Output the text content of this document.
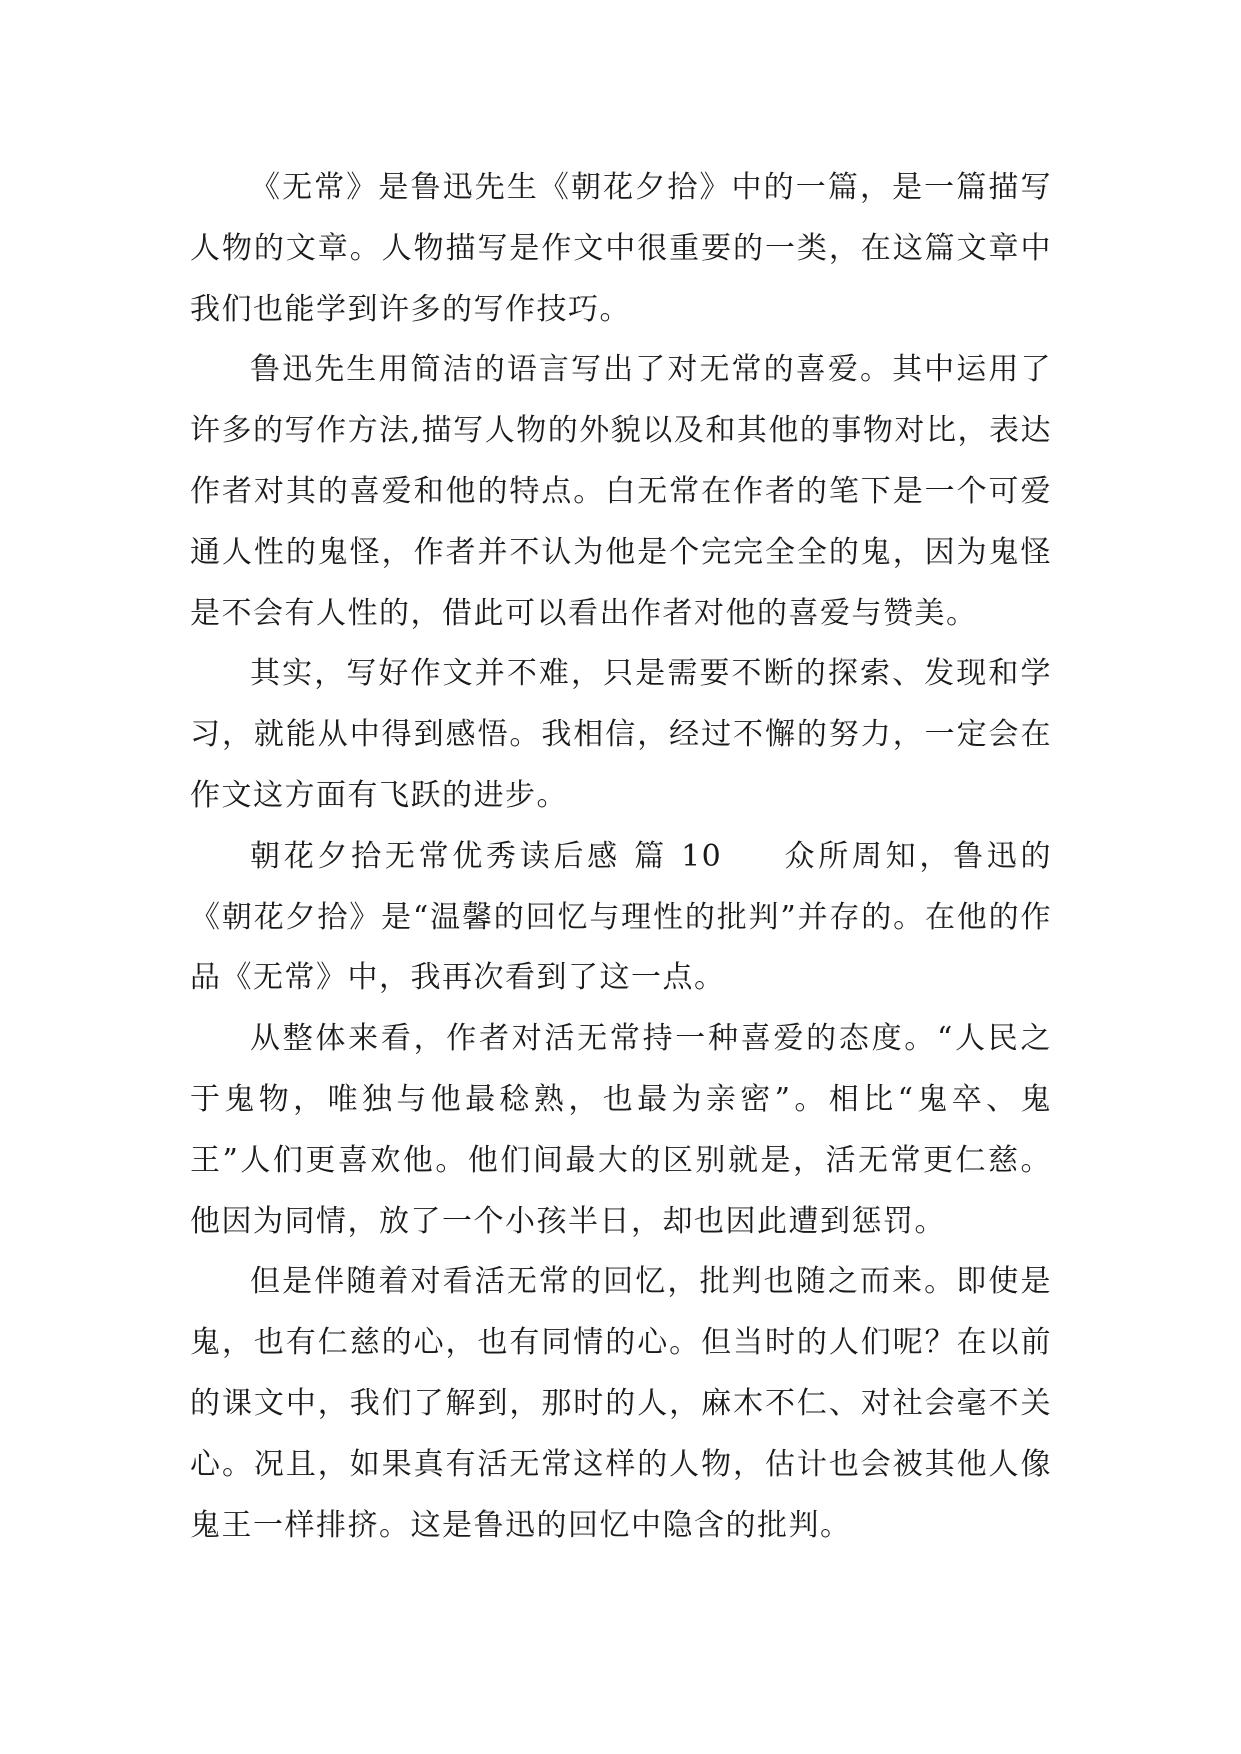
《无常》是鲁迅先生《朝花夕拾》中的一篇，是一篇描写人物的文章。人物描写是作文中很重要的一类，在这篇文章中我们也能学到许多的写作技巧。

鲁迅先生用简洁的语言写出了对无常的喜爱。其中运用了许多的写作方法,描写人物的外貌以及和其他的事物对比，表达作者对其的喜爱和他的特点。白无常在作者的笔下是一个可爱通人性的鬼怪，作者并不认为他是个完完全全的鬼，因为鬼怪是不会有人性的，借此可以看出作者对他的喜爱与赞美。

其实，写好作文并不难，只是需要不断的探索、发现和学习，就能从中得到感悟。我相信，经过不懈的努力，一定会在作文这方面有飞跃的进步。

朝花夕拾无常优秀读后感 篇 10 众所周知，鲁迅的《朝花夕拾》是“温馨的回忆与理性的批判”并存的。在他的作品《无常》中，我再次看到了这一点。

从整体来看，作者对活无常持一种喜爱的态度。“人民之于鬼物，唯独与他最稔熟，也最为亲密”。相比“鬼卒、鬼王”人们更喜欢他。他们间最大的区别就是，活无常更仁慈。他因为同情，放了一个小孩半日，却也因此遭到惩罚。

但是伴随着对看活无常的回忆，批判也随之而来。即使是鬼，也有仁慈的心，也有同情的心。但当时的人们呢？在以前的课文中，我们了解到，那时的人，麻木不仁、对社会毫不关心。况且，如果真有活无常这样的人物，估计也会被其他人像鬼王一样排挤。这是鲁迅的回忆中隐含的批判。
